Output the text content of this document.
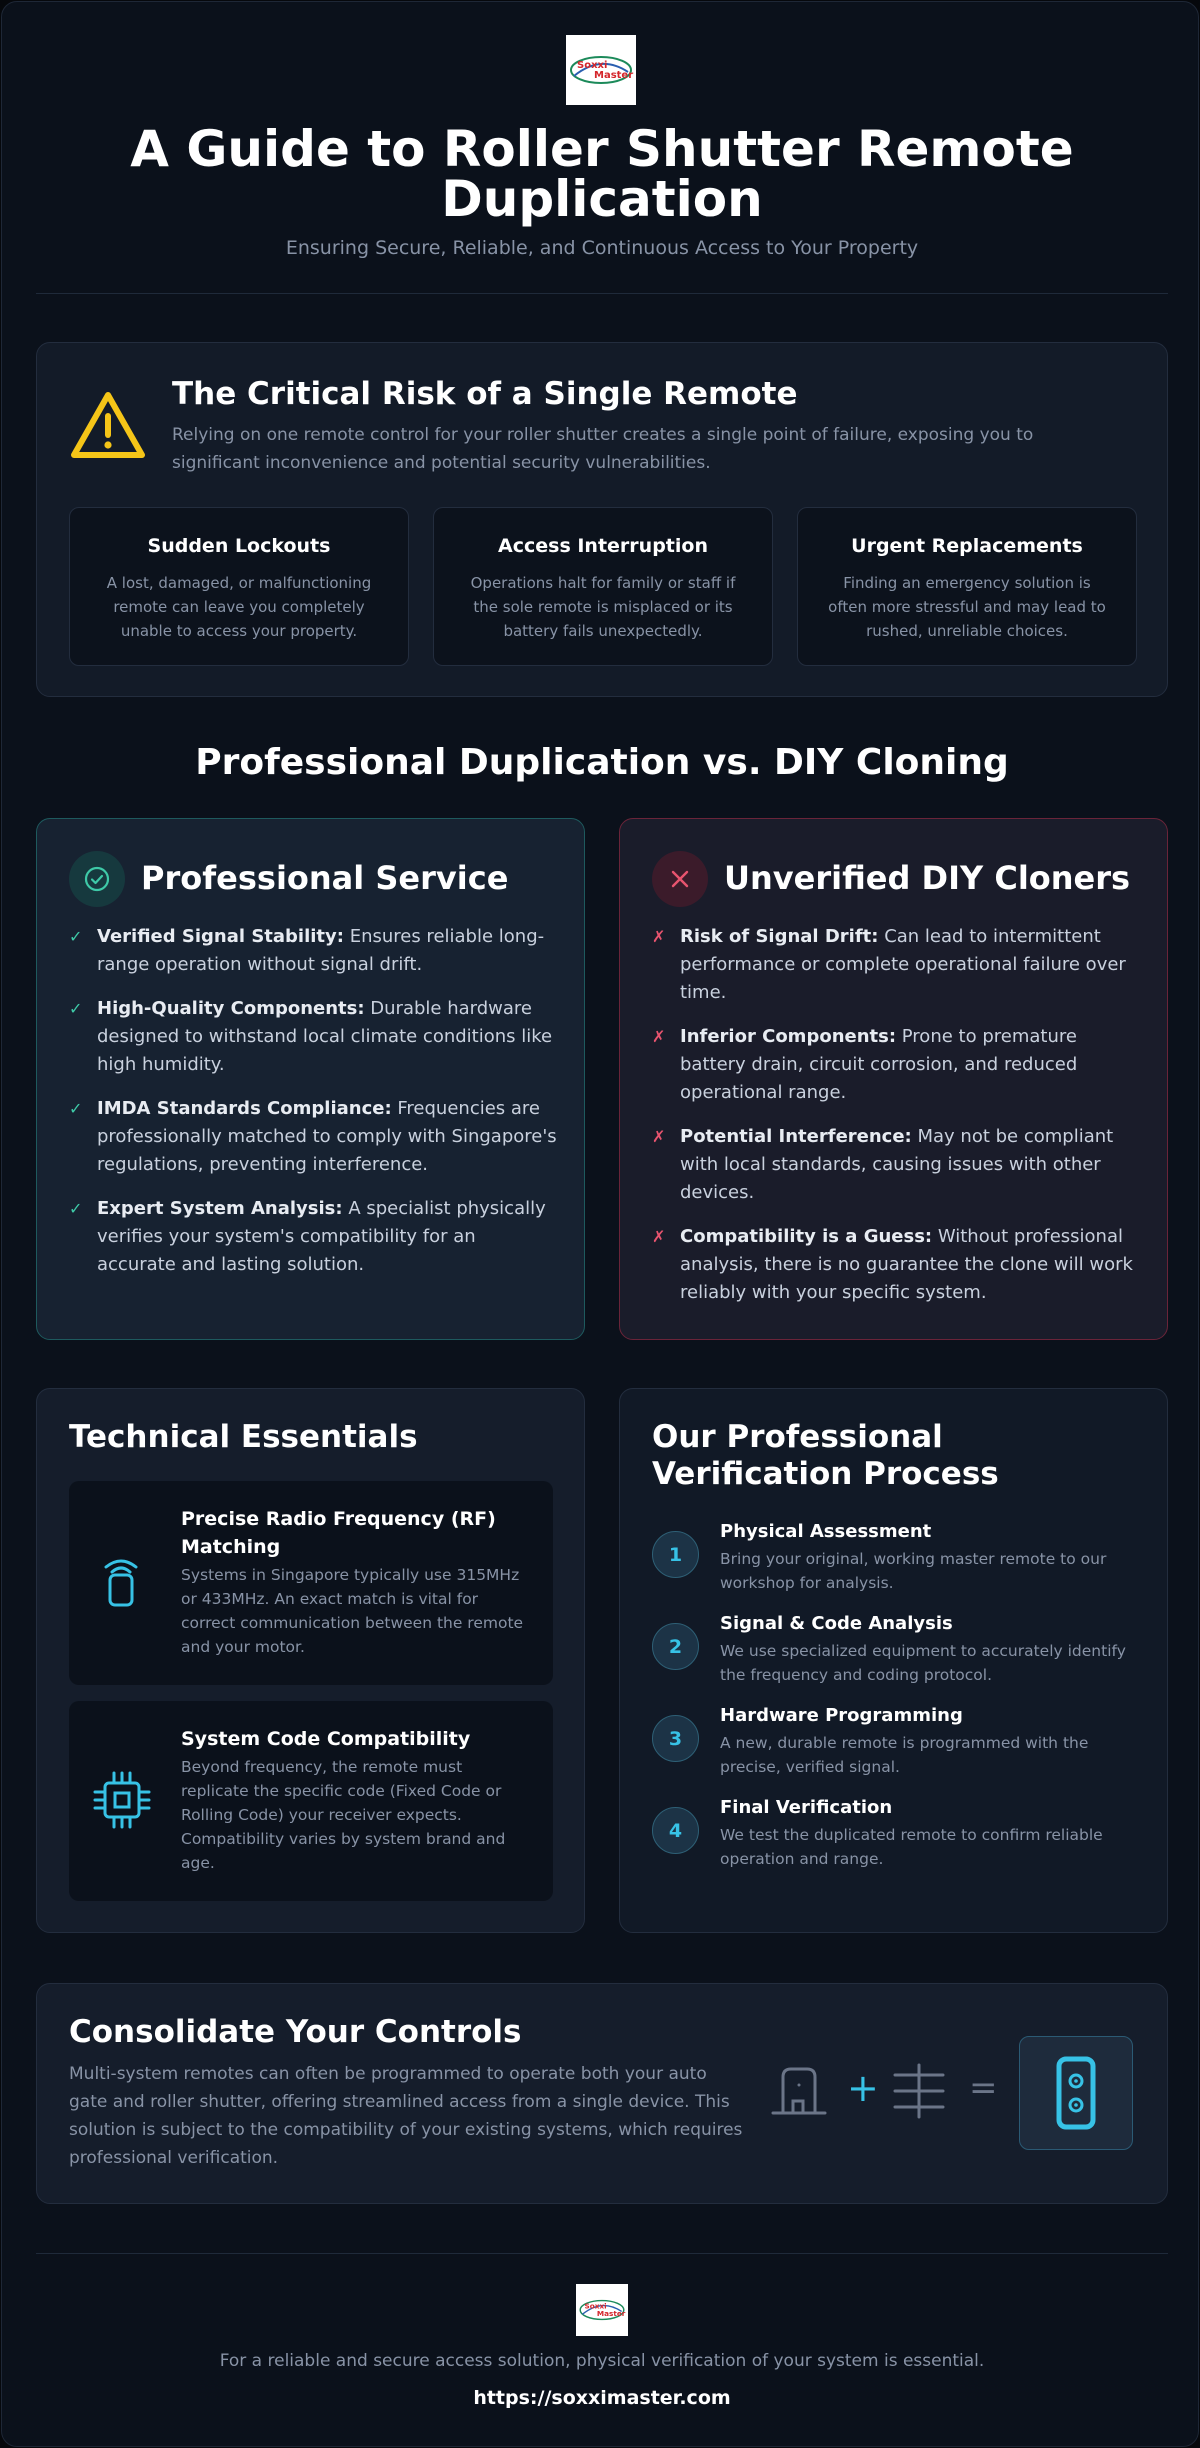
Soxxi
Master
A Guide to Roller Shutter Remote Duplication
Ensuring Secure, Reliable, and Continuous Access to Your Property
The Critical Risk of a Single Remote

Relying on one remote control for your roller shutter creates a single point of failure, exposing you to significant inconvenience and potential security vulnerabilities.

Sudden Lockouts

A lost, damaged, or malfunctioning remote can leave you completely unable to access your property.

Access Interruption

Operations halt for family or staff if the sole remote is misplaced or its battery fails unexpectedly.

Urgent Replacements

Finding an emergency solution is often more stressful and may lead to rushed, unreliable choices.

Professional Duplication vs. DIY Cloning
Professional Service
✓ Verified Signal Stability: Ensures reliable long-range operation without signal drift.
✓ High-Quality Components: Durable hardware designed to withstand local climate conditions like high humidity.
✓ IMDA Standards Compliance: Frequencies are professionally matched to comply with Singapore's regulations, preventing interference.
✓ Expert System Analysis: A specialist physically verifies your system's compatibility for an accurate and lasting solution.
Unverified DIY Cloners
✗ Risk of Signal Drift: Can lead to intermittent performance or complete operational failure over time.
✗ Inferior Components: Prone to premature battery drain, circuit corrosion, and reduced operational range.
✗ Potential Interference: May not be compliant with local standards, causing issues with other devices.
✗ Compatibility is a Guess: Without professional analysis, there is no guarantee the clone will work reliably with your specific system.
Technical Essentials
Precise Radio Frequency (RF) Matching

Systems in Singapore typically use 315MHz or 433MHz. An exact match is vital for correct communication between the remote and your motor.

System Code Compatibility

Beyond frequency, the remote must replicate the specific code (Fixed Code or Rolling Code) your receiver expects. Compatibility varies by system brand and age.

Our Professional Verification Process
1
Physical Assessment

Bring your original, working master remote to our workshop for analysis.

2
Signal & Code Analysis

We use specialized equipment to accurately identify the frequency and coding protocol.

3
Hardware Programming

A new, durable remote is programmed with the precise, verified signal.

4
Final Verification

We test the duplicated remote to confirm reliable operation and range.

Consolidate Your Controls

Multi-system remotes can often be programmed to operate both your auto gate and roller shutter, offering streamlined access from a single device. This solution is subject to the compatibility of your existing systems, which requires professional verification.

+	=
Soxxi
Master

For a reliable and secure access solution, physical verification of your system is essential.

https://soxximaster.com
